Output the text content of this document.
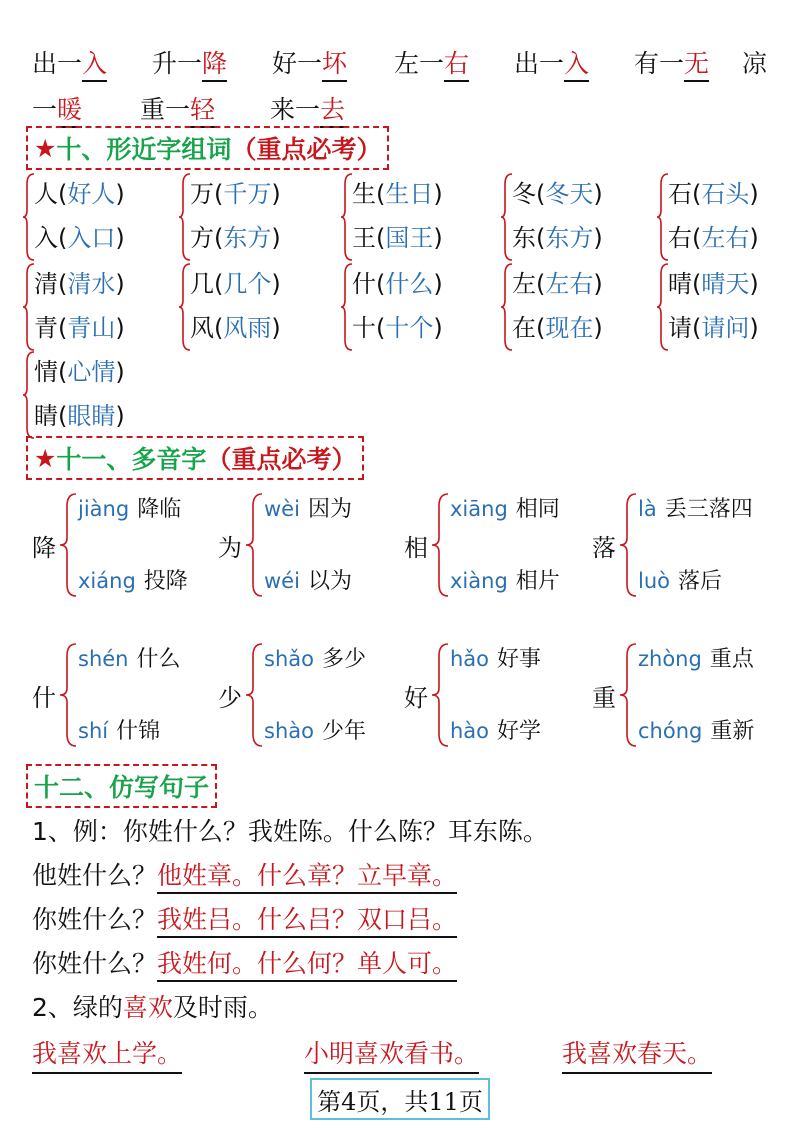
出一入 升一降 好一坏 左一右 出一入 有一无 凉
一暖 重一轻 来一去
★ 十、形近字组词 （重点必考）
人(好人)
入(入口)
万(千万)
方(东方)
生(生日)
王(国王)
冬(冬天)
东(东方)
石(石头)
右(左右)
清(清水)
青(青山)
几(几个)
风(风雨)
什(什么)
十(十个)
左(左右)
在(现在)
晴(晴天)
请(请问)
情(心情)
睛(眼睛)
★ 十一、多音字 （重点必考）
降
jiàng 降临
xiáng 投降
为
wèi 因为
wéi 以为
相
xiāng 相同
xiàng 相片
落
là 丢三落四
luò 落后
什
shén 什么
shí 什锦
少
shǎo 多少
shào 少年
好
hǎo 好事
hào 好学
重
zhòng 重点
chóng 重新
十二、仿写句子
1、例：你姓什么？我姓陈。什么陈？耳东陈。
他姓什么？他姓章。什么章？立早章。
你姓什么？我姓吕。什么吕？双口吕。
你姓什么？我姓何。什么何？单人可。
2、绿的喜欢及时雨。
我喜欢上学。	小明喜欢看书。	我喜欢春天。
第4页，共11页
